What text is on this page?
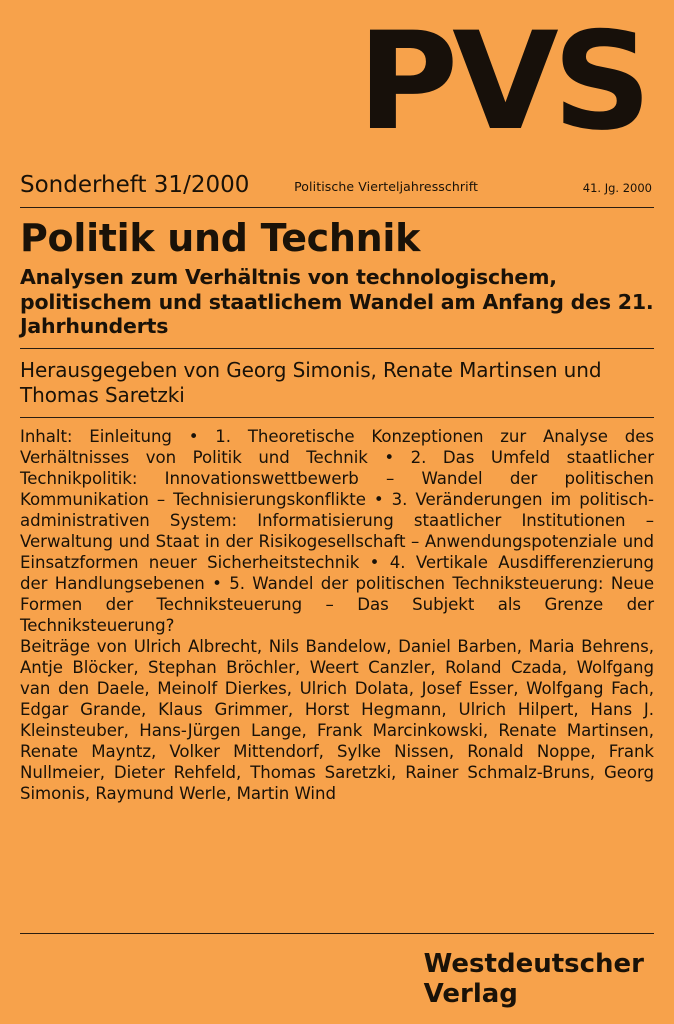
PVS
Sonderheft 31/2000	Politische Vierteljahresschrift	41. Jg. 2000
Politik und Technik
Analysen zum Verhältnis von technologischem, politischem und staatlichem Wandel am Anfang des 21. Jahrhunderts
Herausgegeben von Georg Simonis, Renate Martinsen und Thomas Saretzki
Inhalt: Einleitung • 1. Theoretische Konzeptionen zur Analyse des Verhältnisses von Politik und Technik • 2. Das Umfeld staatlicher Technikpolitik: Innovationswettbewerb – Wandel der politischen Kommunikation – Technisierungskonflikte • 3. Veränderungen im politisch-administrativen System: Informatisierung staatlicher Institutionen – Verwaltung und Staat in der Risikogesellschaft – Anwendungspotenziale und Einsatzformen neuer Sicherheitstechnik • 4. Vertikale Ausdifferenzierung der Handlungsebenen • 5. Wandel der politischen Techniksteuerung: Neue Formen der Techniksteuerung – Das Subjekt als Grenze der Techniksteuerung?
Beiträge von Ulrich Albrecht, Nils Bandelow, Daniel Barben, Maria Behrens, Antje Blöcker, Stephan Bröchler, Weert Canzler, Roland Czada, Wolfgang van den Daele, Meinolf Dierkes, Ulrich Dolata, Josef Esser, Wolfgang Fach, Edgar Grande, Klaus Grimmer, Horst Hegmann, Ulrich Hilpert, Hans J. Kleinsteuber, Hans-Jürgen Lange, Frank Marcinkowski, Renate Martinsen, Renate Mayntz, Volker Mittendorf, Sylke Nissen, Ronald Noppe, Frank Nullmeier, Dieter Rehfeld, Thomas Saretzki, Rainer Schmalz-Bruns, Georg Simonis, Raymund Werle, Martin Wind
Westdeutscher
Verlag
